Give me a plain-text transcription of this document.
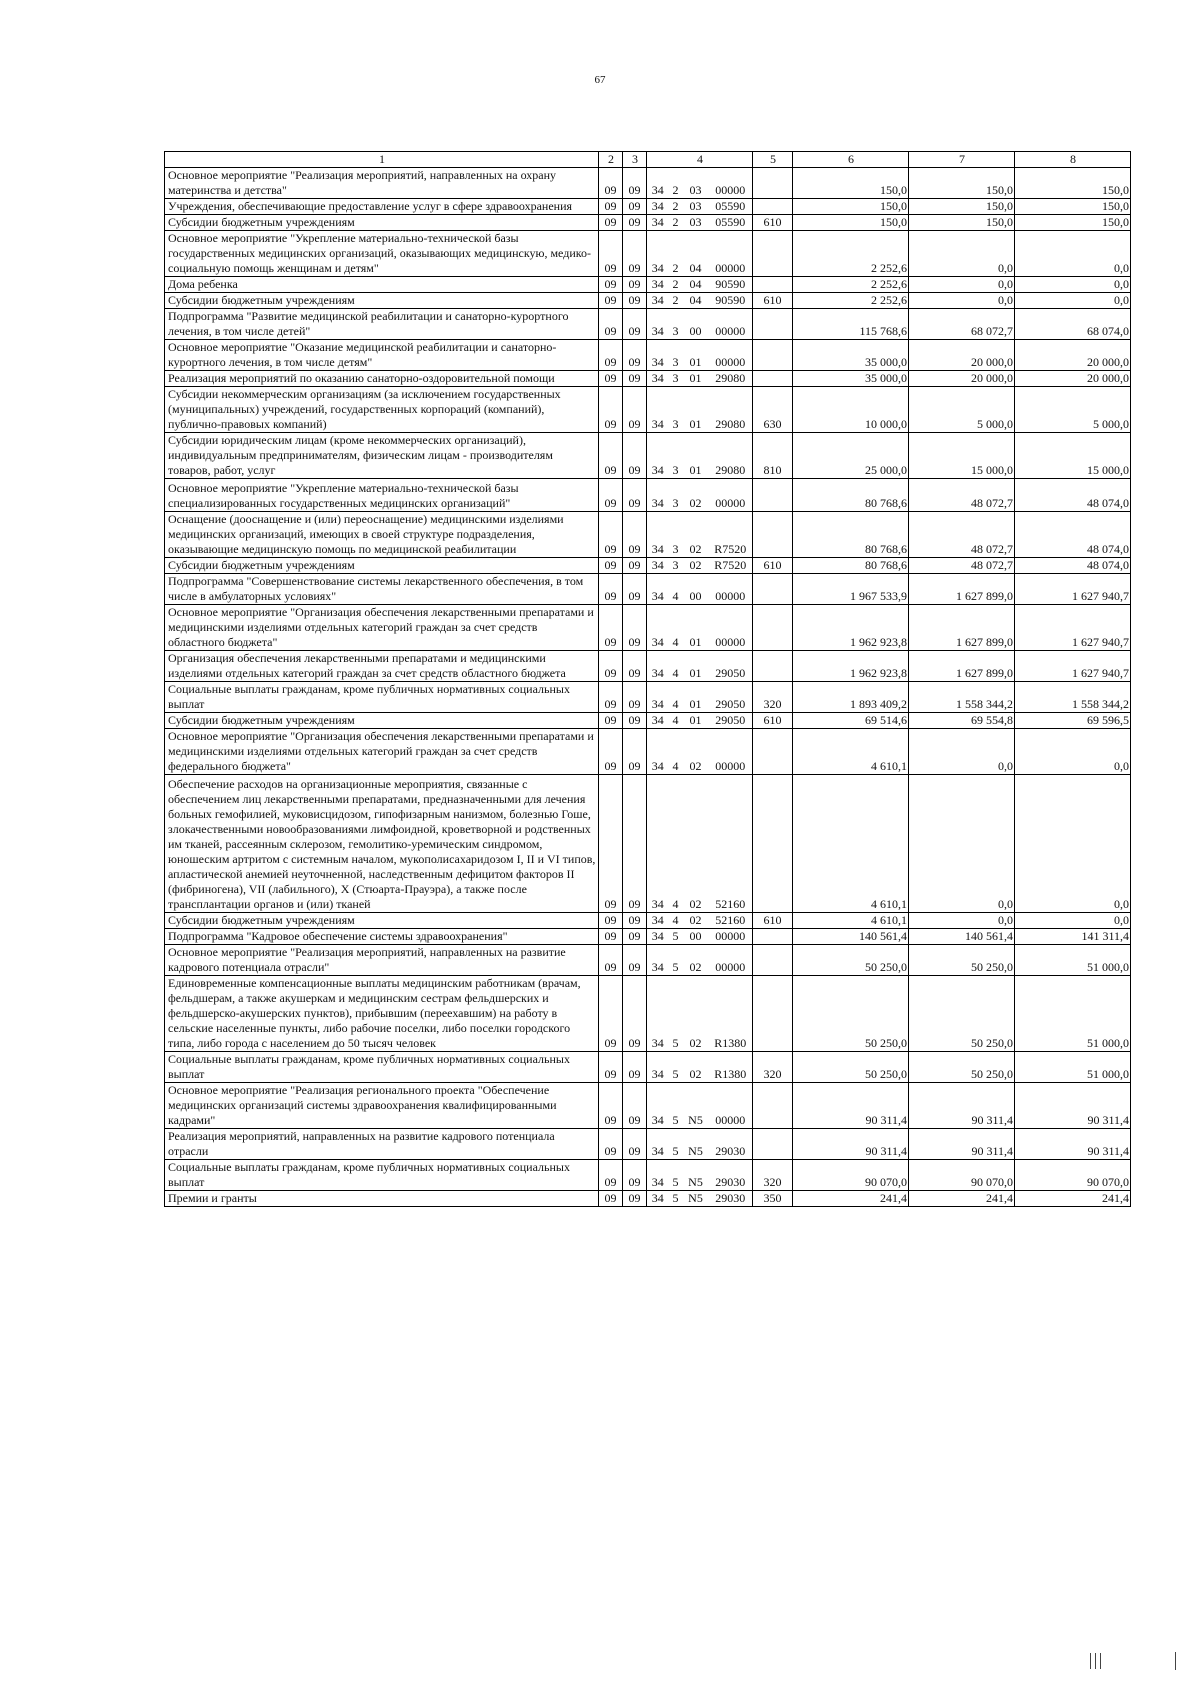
67
1	2	3	4				5	6	7	8
Основное мероприятие "Реализация мероприятий, направленных на охрану материнства и детства"	09	09	34	2	03	00000		150,0	150,0	150,0
Учреждения, обеспечивающие предоставление услуг в сфере здравоохранения	09	09	34	2	03	05590		150,0	150,0	150,0
Субсидии бюджетным учреждениям	09	09	34	2	03	05590	610	150,0	150,0	150,0
Основное мероприятие "Укрепление материально-технической базы государственных медицинских организаций, оказывающих медицинскую, медико-социальную помощь женщинам и детям"	09	09	34	2	04	00000		2 252,6	0,0	0,0
Дома ребенка	09	09	34	2	04	90590		2 252,6	0,0	0,0
Субсидии бюджетным учреждениям	09	09	34	2	04	90590	610	2 252,6	0,0	0,0
Подпрограмма "Развитие медицинской реабилитации и санаторно-курортного лечения, в том числе детей"	09	09	34	3	00	00000		115 768,6	68 072,7	68 074,0
Основное мероприятие "Оказание медицинской реабилитации и санаторно-курортного лечения, в том числе детям"	09	09	34	3	01	00000		35 000,0	20 000,0	20 000,0
Реализация мероприятий по оказанию санаторно-оздоровительной помощи	09	09	34	3	01	29080		35 000,0	20 000,0	20 000,0
Субсидии некоммерческим организациям (за исключением государственных (муниципальных) учреждений, государственных корпораций (компаний), публично-правовых компаний)	09	09	34	3	01	29080	630	10 000,0	5 000,0	5 000,0
Субсидии юридическим лицам (кроме некоммерческих организаций), индивидуальным предпринимателям, физическим лицам - производителям товаров, работ, услуг	09	09	34	3	01	29080	810	25 000,0	15 000,0	15 000,0
Основное мероприятие "Укрепление материально-технической базы специализированных государственных медицинских организаций"	09	09	34	3	02	00000		80 768,6	48 072,7	48 074,0
Оснащение (дооснащение и (или) переоснащение) медицинскими изделиями медицинских организаций, имеющих в своей структуре подразделения, оказывающие медицинскую помощь по медицинской реабилитации	09	09	34	3	02	R7520		80 768,6	48 072,7	48 074,0
Субсидии бюджетным учреждениям	09	09	34	3	02	R7520	610	80 768,6	48 072,7	48 074,0
Подпрограмма "Совершенствование системы лекарственного обеспечения, в том числе в амбулаторных условиях"	09	09	34	4	00	00000		1 967 533,9	1 627 899,0	1 627 940,7
Основное мероприятие "Организация обеспечения лекарственными препаратами и медицинскими изделиями отдельных категорий граждан за счет средств областного бюджета"	09	09	34	4	01	00000		1 962 923,8	1 627 899,0	1 627 940,7
Организация обеспечения лекарственными препаратами и медицинскими изделиями отдельных категорий граждан за счет средств областного бюджета	09	09	34	4	01	29050		1 962 923,8	1 627 899,0	1 627 940,7
Социальные выплаты гражданам, кроме публичных нормативных социальных выплат	09	09	34	4	01	29050	320	1 893 409,2	1 558 344,2	1 558 344,2
Субсидии бюджетным учреждениям	09	09	34	4	01	29050	610	69 514,6	69 554,8	69 596,5
Основное мероприятие "Организация обеспечения лекарственными препаратами и медицинскими изделиями отдельных категорий граждан за счет средств федерального бюджета"	09	09	34	4	02	00000		4 610,1	0,0	0,0
Обеспечение расходов на организационные мероприятия, связанные с обеспечением лиц лекарственными препаратами, предназначенными для лечения больных гемофилией, муковисцидозом, гипофизарным нанизмом, болезнью Гоше, злокачественными новообразованиями лимфоидной, кроветворной и родственных им тканей, рассеянным склерозом, гемолитико-уремическим синдромом, юношеским артритом с системным началом, мукополисахаридозом I, II и VI типов, апластической анемией неуточненной, наследственным дефицитом факторов II (фибриногена), VII (лабильного), X (Стюарта-Прауэра), а также после трансплантации органов и (или) тканей	09	09	34	4	02	52160		4 610,1	0,0	0,0
Субсидии бюджетным учреждениям	09	09	34	4	02	52160	610	4 610,1	0,0	0,0
Подпрограмма "Кадровое обеспечение системы здравоохранения"	09	09	34	5	00	00000		140 561,4	140 561,4	141 311,4
Основное мероприятие "Реализация мероприятий, направленных на развитие кадрового потенциала отрасли"	09	09	34	5	02	00000		50 250,0	50 250,0	51 000,0
Единовременные компенсационные выплаты медицинским работникам (врачам, фельдшерам, а также акушеркам и медицинским сестрам фельдшерских и фельдшерско-акушерских пунктов), прибывшим (переехавшим) на работу в сельские населенные пункты, либо рабочие поселки, либо поселки городского типа, либо города с населением до 50 тысяч человек	09	09	34	5	02	R1380		50 250,0	50 250,0	51 000,0
Социальные выплаты гражданам, кроме публичных нормативных социальных выплат	09	09	34	5	02	R1380	320	50 250,0	50 250,0	51 000,0
Основное мероприятие "Реализация регионального проекта "Обеспечение медицинских организаций системы здравоохранения квалифицированными кадрами"	09	09	34	5	N5	00000		90 311,4	90 311,4	90 311,4
Реализация мероприятий, направленных на развитие кадрового потенциала отрасли	09	09	34	5	N5	29030		90 311,4	90 311,4	90 311,4
Социальные выплаты гражданам, кроме публичных нормативных социальных выплат	09	09	34	5	N5	29030	320	90 070,0	90 070,0	90 070,0
Премии и гранты	09	09	34	5	N5	29030	350	241,4	241,4	241,4
